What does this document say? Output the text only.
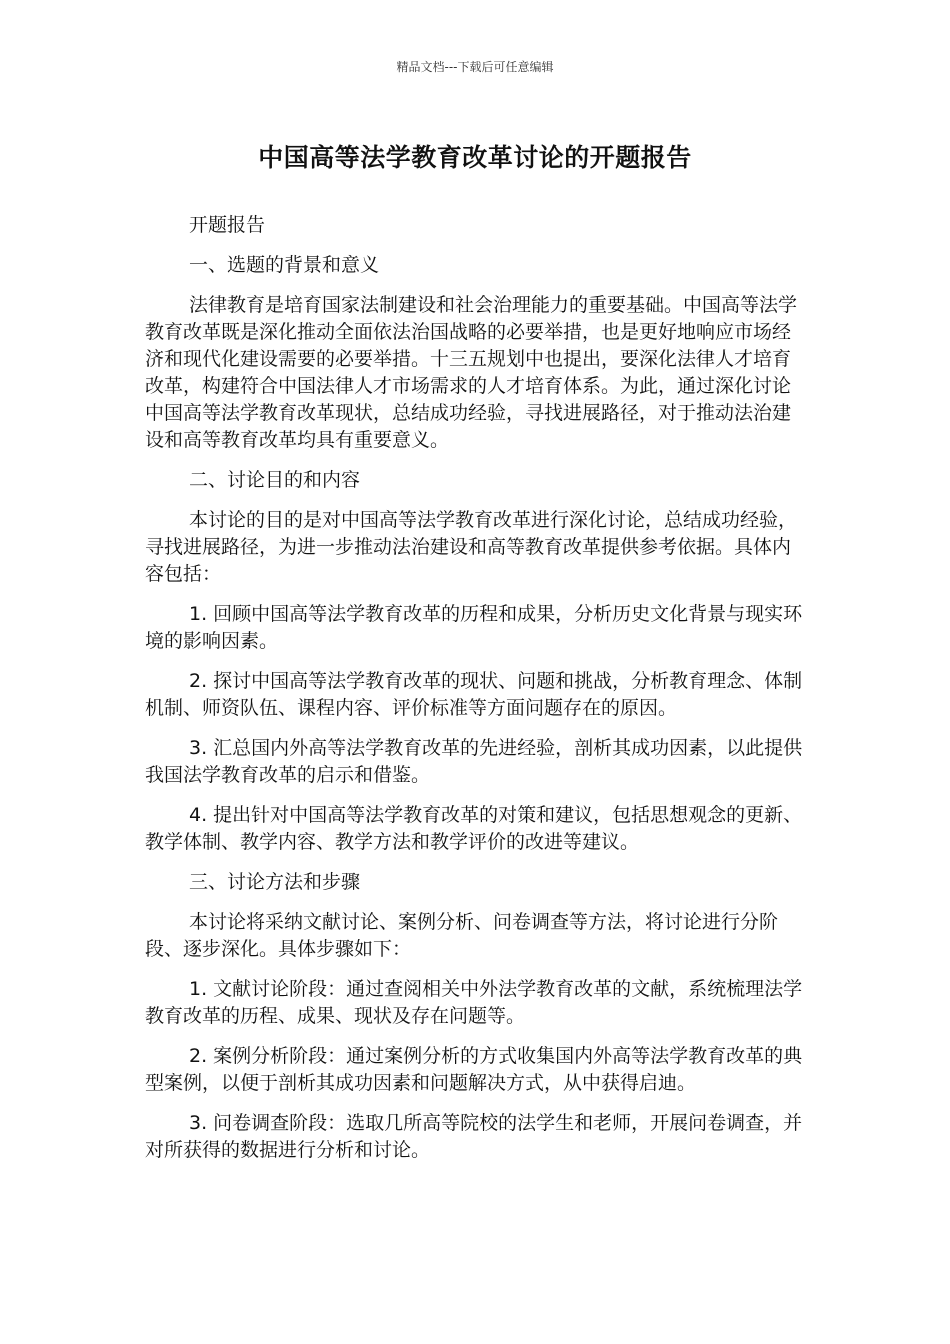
精品文档---下载后可任意编辑
中国高等法学教育改革讨论的开题报告

开题报告

一、选题的背景和意义

法律教育是培育国家法制建设和社会治理能力的重要基础。中国高等法学教育改革既是深化推动全面依法治国战略的必要举措，也是更好地响应市场经济和现代化建设需要的必要举措。十三五规划中也提出，要深化法律人才培育改革，构建符合中国法律人才市场需求的人才培育体系。为此，通过深化讨论中国高等法学教育改革现状，总结成功经验，寻找进展路径，对于推动法治建设和高等教育改革均具有重要意义。

二、讨论目的和内容

本讨论的目的是对中国高等法学教育改革进行深化讨论，总结成功经验，寻找进展路径，为进一步推动法治建设和高等教育改革提供参考依据。具体内容包括：

1. 回顾中国高等法学教育改革的历程和成果，分析历史文化背景与现实环境的影响因素。

2. 探讨中国高等法学教育改革的现状、问题和挑战，分析教育理念、体制机制、师资队伍、课程内容、评价标准等方面问题存在的原因。

3. 汇总国内外高等法学教育改革的先进经验，剖析其成功因素，以此提供我国法学教育改革的启示和借鉴。

4. 提出针对中国高等法学教育改革的对策和建议，包括思想观念的更新、教学体制、教学内容、教学方法和教学评价的改进等建议。

三、讨论方法和步骤

本讨论将采纳文献讨论、案例分析、问卷调查等方法，将讨论进行分阶段、逐步深化。具体步骤如下：

1. 文献讨论阶段：通过查阅相关中外法学教育改革的文献，系统梳理法学教育改革的历程、成果、现状及存在问题等。

2. 案例分析阶段：通过案例分析的方式收集国内外高等法学教育改革的典型案例，以便于剖析其成功因素和问题解决方式，从中获得启迪。

3. 问卷调查阶段：选取几所高等院校的法学生和老师，开展问卷调查，并对所获得的数据进行分析和讨论。
